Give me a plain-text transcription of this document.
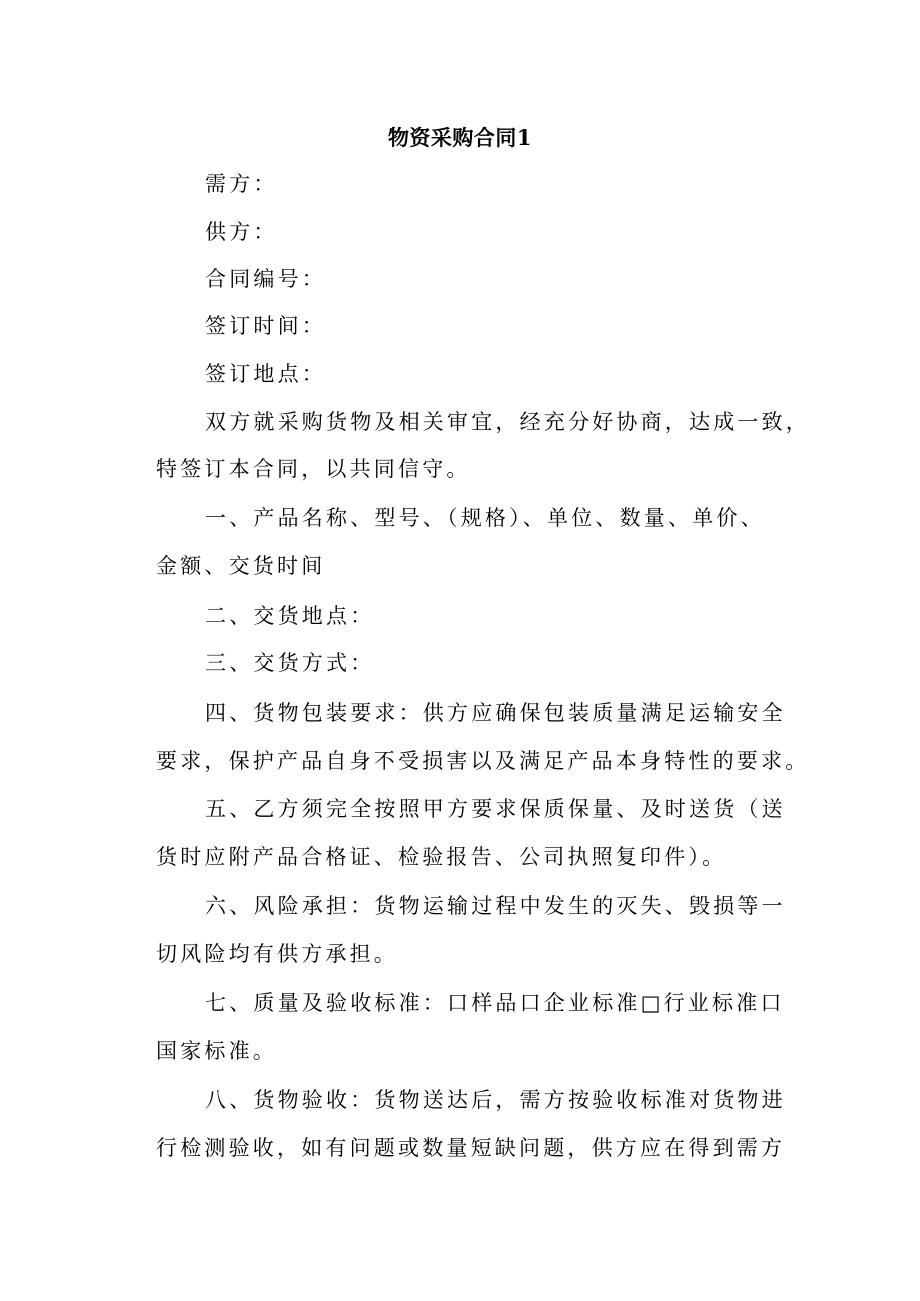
物资采购合同1
需方：
供方：
合同编号：
签订时间：
签订地点：
双方就采购货物及相关审宜，经充分好协商，达成一致，
特签订本合同，以共同信守。
一、产品名称、型号、（规格）、单位、数量、单价、
金额、交货时间
二、交货地点：
三、交货方式：
四、货物包装要求：供方应确保包装质量满足运输安全
要求，保护产品自身不受损害以及满足产品本身特性的要求。
五、乙方须完全按照甲方要求保质保量、及时送货（送
货时应附产品合格证、检验报告、公司执照复印件）。
六、风险承担：货物运输过程中发生的灭失、毁损等一
切风险均有供方承担。
七、质量及验收标准：口样品口企业标准□行业标准口
国家标准。
八、货物验收：货物送达后，需方按验收标准对货物进
行检测验收，如有问题或数量短缺问题，供方应在得到需方
